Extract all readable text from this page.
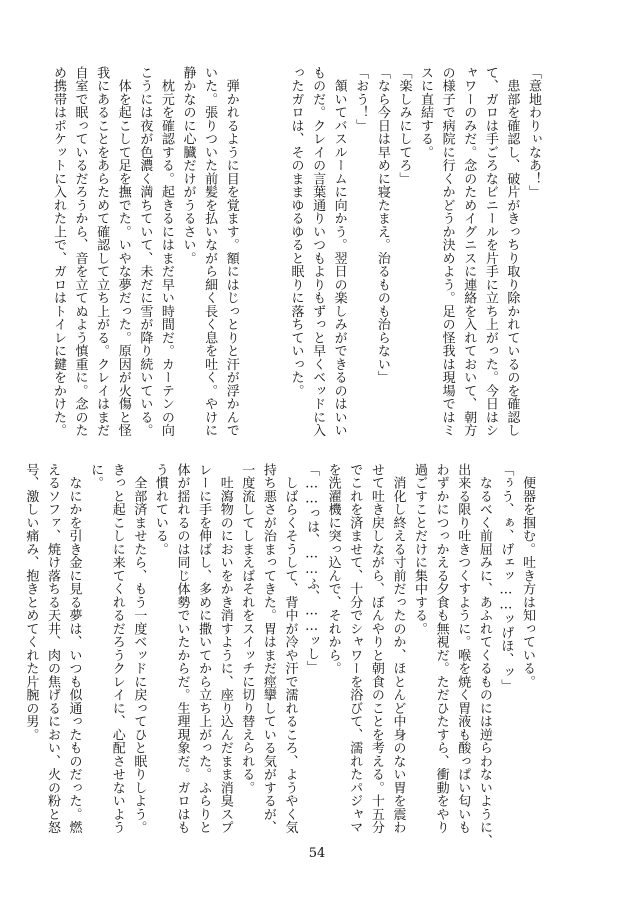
「意地わりぃなあ！」
　患部を確認し、破片がきっちり取り除かれているのを確認し
て、ガロは手ごろなビニールを片手に立ち上がった。今日はシ
ャワーのみだ。念のためイグニスに連絡を入れておいて、朝方
の様子で病院に行くかどうか決めよう。足の怪我は現場ではミ
スに直結する。
「楽しみにしてろ」
「なら今日は早めに寝たまえ。治るものも治らない」
「おう！」
　頷いてバスルームに向かう。翌日の楽しみができるのはいい
ものだ。クレイの言葉通りいつもよりもずっと早くベッドに入
ったガロは、そのままゆるゆると眠りに落ちていった。

　弾かれるように目を覚ます。額にはじっとりと汗が浮かんで
いた。張りついた前髪を払いながら細く長く息を吐く。やけに
静かなのに心臓だけがうるさい。
　枕元を確認する。起きるにはまだ早い時間だ。カーテンの向
こうには夜が色濃く満ちていて、未だに雪が降り続いている。
　体を起こして足を撫でた。いやな夢だった。原因が火傷と怪
我にあることをあらためて確認して立ち上がる。クレイはまだ
自室で眠っているだろうから、音を立てぬよう慎重に。念のた
め携帯はポケットに入れた上で、ガロはトイレに鍵をかけた。
　便器を掴む。吐き方は知っている。
「ぅう、ぁ、げェッ……ッげほ、ッ」
　なるべく前屈みに、あふれてくるものには逆らわないように、
出来る限り吐きつくすように。喉を焼く胃液も酸っぱい匂いも
わずかにつっかえる夕食も無視だ。ただひたすら、衝動をやり
過ごすことだけに集中する。
　消化し終える寸前だったのか、ほとんど中身のない胃を震わ
せて吐き戻しながら、ぼんやりと朝食のことを考える。十五分
でこれを済ませて、十分でシャワーを浴びて、濡れたパジャマ
を洗濯機に突っ込んで、それから。
「……っは、……ふ、……ッし」
　しばらくそうして、背中が冷や汗で濡れるころ、ようやく気
持ち悪さが治まってきた。胃はまだ痙攣している気がするが、
一度流してしまえばそれをスイッチに切り替えられる。
　吐瀉物のにおいをかき消すように、座り込んだまま消臭スプ
レーに手を伸ばし、多めに撒いてから立ち上がった。ふらりと
体が揺れるのは同じ体勢でいたからだ。生理現象だ。ガロはも
う慣れている。
　全部済ませたら、もう一度ベッドに戻ってひと眠りしよう。
きっと起こしに来てくれるだろうクレイに、心配させないよう
に。
　なにかを引き金に見る夢は、いつも似通ったものだった。燃
えるソファ、焼け落ちる天井、肉の焦げるにおい、火の粉と怒
号、激しい痛み、抱きとめてくれた片腕の男。
54
